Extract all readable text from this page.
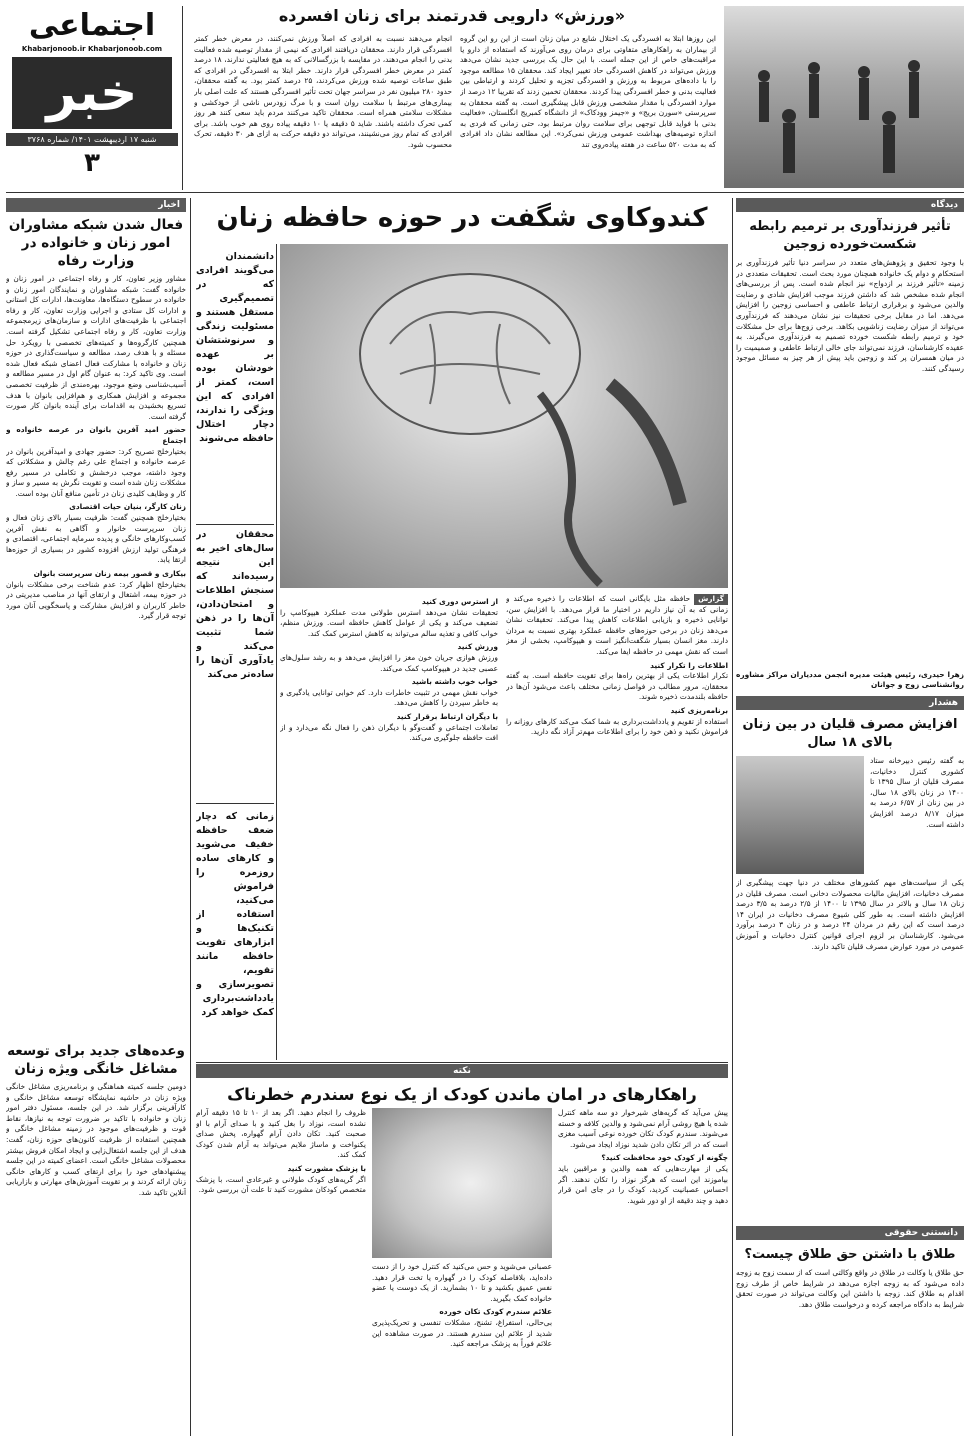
اجتماعی
Khabarjonoob.ir Khabarjonoob.com
خبر
شنبه ۱۷ اردیبهشت ۱۴۰۱/ شماره ۳۷۶۸
۳
«ورزش» دارویی قدرتمند برای زنان افسرده
انجام می‌دهند نسبت به افرادی که اصلاً ورزش نمی‌کنند، در معرض خطر کمتر افسردگی قرار دارند. محققان دریافتند افرادی که نیمی از مقدار توصیه شده فعالیت بدنی را انجام می‌دهند، در مقایسه با بزرگسالانی که به هیچ فعالیتی ندارند، ۱۸ درصد کمتر در معرض خطر افسردگی قرار دارند. خطر ابتلا به افسردگی در افرادی که طبق ساعات توصیه شده ورزش می‌کردند، ۲۵ درصد کمتر بود. به گفته محققان، حدود ۲۸۰ میلیون نفر در سراسر جهان تحت تأثیر افسردگی هستند که علت اصلی بار بیماری‌های مرتبط با سلامت روان است و با مرگ زودرس ناشی از خودکشی و مشکلات سلامتی همراه است. محققان تاکید می‌کنند مردم باید سعی کنند هر روز کمی تحرک داشته باشند. شاید ۵ دقیقه یا ۱۰ دقیقه پیاده روی هم خوب باشد. برای افرادی که تمام روز می‌نشینند، می‌تواند دو دقیقه حرکت به ازای هر ۳۰ دقیقه، تحرک محسوب شود.
این روزها ابتلا به افسردگی یک اختلال شایع در میان زنان است از این رو این گروه از بیماران به راهکارهای متفاوتی برای درمان روی می‌آورند که استفاده از دارو یا مراقبت‌های خاص از این جمله است. با این حال یک بررسی جدید نشان می‌دهد ورزش می‌تواند در کاهش افسردگی حاد تغییر ایجاد کند. محققان ۱۵ مطالعه موجود را با داده‌های مربوط به ورزش و افسردگی تجزیه و تحلیل کردند و ارتباطی بین فعالیت بدنی و خطر افسردگی پیدا کردند. محققان تخمین زدند که تقریبا ۱۲ درصد از موارد افسردگی با مقدار مشخصی ورزش قابل پیشگیری است. به گفته محققان به سرپرستی «سورن بریج» و «جیمز وودکاک» از دانشگاه کمبریج انگلستان، «فعالیت بدنی با فواید قابل توجهی برای سلامت روان مرتبط بود، حتی زمانی که فردی به اندازه توصیه‌های بهداشت عمومی ورزش نمی‌کرد». این مطالعه نشان داد افرادی که به مدت ۵۲۰ ساعت در هفته پیاده‌روی تند
اخبار
فعال شدن شبکه مشاوران امور زنان و خانواده در وزارت رفاه
مشاور وزیر تعاون، کار و رفاه اجتماعی در امور زنان و خانواده گفت: شبکه مشاوران و نمایندگان امور زنان و خانواده در سطوح دستگاه‌ها، معاونت‌ها، ادارات کل استانی و ادارات کل ستادی و اجرایی وزارت تعاون، کار و رفاه اجتماعی با ظرفیت‌های ادارات و سازمان‌های زیرمجموعه وزارت تعاون، کار و رفاه اجتماعی تشکیل گرفته است. همچنین کارگروه‌ها و کمیته‌های تخصصی با رویکرد حل مسئله و با هدف رصد، مطالعه و سیاست‌گذاری در حوزه زنان و خانواده با مشارکت فعال اعضای شبکه فعال شده است. وی تاکید کرد: به عنوان گام اول در مسیر مطالعه و آسیب‌شناسی وضع موجود، بهره‌مندی از ظرفیت تخصصی مجموعه و افزایش همکاری و هم‌افزایی بانوان با هدف تسریع بخشیدن به اقدامات برای آینده بانوان کار صورت گرفته است.
حضور امید آفرین بانوان در عرصه خانواده و اجتماع
بختیارخلج تصریح کرد: حضور جهادی و امیدآفرین بانوان در عرصه خانواده و اجتماع علی رغم چالش و مشکلاتی که وجود داشته، موجب درخشش و تکاملی در مسیر رفع مشکلات زنان شده است و تقویت نگرش به مسیر و ساز و کار و وظایف کلیدی زنان در تأمین منافع آنان بوده است.
زنان کارگر، بنیان حیات اقتصادی
بختیارخلج همچنین گفت: ظرفیت بسیار بالای زنان فعال و زنان سرپرست خانوار و آگاهی به نقش آفرین کسب‌وکارهای خانگی و پدیده سرمایه اجتماعی، اقتصادی و فرهنگی تولید ارزش افزوده کشور در بسیاری از حوزه‌ها ارتقا یابد.
بیکاری و قصور بیمه زنان سرپرست بانوان
بختیارخلج اظهار کرد: عدم شناخت برخی مشکلات بانوان در حوزه بیمه، اشتغال و ارتقای آنها در مناصب مدیریتی در خاطر کاربران و افزایش مشارکت و پاسخگویی آنان مورد توجه قرار گیرد.
وعده‌های جدید برای توسعه مشاغل خانگی ویژه زنان
دومین جلسه کمیته هماهنگی و برنامه‌ریزی مشاغل خانگی ویژه زنان در حاشیه نمایشگاه توسعه مشاغل خانگی و کارآفرینی برگزار شد. در این جلسه، مسئول دفتر امور زنان و خانواده با تاکید بر ضرورت توجه به نیازها، نقاط قوت و ظرفیت‌های موجود در زمینه مشاغل خانگی و همچنین استفاده از ظرفیت کانون‌های حوزه زنان، گفت: هدف از این جلسه اشتغال‌زایی و ایجاد امکان فروش بیشتر محصولات مشاغل خانگی است. اعضای کمیته در این جلسه پیشنهادهای خود را برای ارتقای کسب و کارهای خانگی زنان ارائه کردند و بر تقویت آموزش‌های مهارتی و بازاریابی آنلاین تاکید شد.
کندوکاوی شگفت در حوزه حافظه زنان
دانشمندان می‌گویند افرادی که در تصمیم‌گیری مستقل هستند و مسئولیت زندگی و سرنوشتشان بر عهده خودشان بوده است، کمتر از افرادی که این ویژگی را ندارند، دچار اختلال حافظه می‌شوند
محققان در سال‌های اخیر به این نتیجه رسیده‌اند که سنجش اطلاعات و امتحان‌دادن، آن‌ها را در ذهن شما تثبیت می‌کند و یادآوری آن‌ها را ساده‌تر می‌کند
زمانی که دچار ضعف حافظه خفیف می‌شوید و کارهای ساده روزمره را فراموش می‌کنید، استفاده از تکنیک‌ها و ابزارهای تقویت حافظه مانند تقویم، تصویرسازی و یادداشت‌برداری کمک خواهد کرد
از استرس دوری کنید
تحقیقات نشان می‌دهد استرس طولانی مدت عملکرد هیپوکامپ را تضعیف می‌کند و یکی از عوامل کاهش حافظه است. ورزش منظم، خواب کافی و تغذیه سالم می‌تواند به کاهش استرس کمک کند.
ورزش کنید
ورزش هوازی جریان خون مغز را افزایش می‌دهد و به رشد سلول‌های عصبی جدید در هیپوکامپ کمک می‌کند.
خواب خوب داشته باشید
خواب نقش مهمی در تثبیت خاطرات دارد. کم خوابی توانایی یادگیری و به خاطر سپردن را کاهش می‌دهد.
با دیگران ارتباط برقرار کنید
تعاملات اجتماعی و گفت‌وگو با دیگران ذهن را فعال نگه می‌دارد و از افت حافظه جلوگیری می‌کند.
گزارش
حافظه مثل بایگانی است که اطلاعات را ذخیره می‌کند و زمانی که به آن نیاز داریم در اختیار ما قرار می‌دهد. با افزایش سن، توانایی ذخیره و بازیابی اطلاعات کاهش پیدا می‌کند. تحقیقات نشان می‌دهد زنان در برخی حوزه‌های حافظه عملکرد بهتری نسبت به مردان دارند. مغز انسان بسیار شگفت‌انگیز است و هیپوکامپ، بخشی از مغز است که نقش مهمی در حافظه ایفا می‌کند.
اطلاعات را تکرار کنید
تکرار اطلاعات یکی از بهترین راه‌ها برای تقویت حافظه است. به گفته محققان، مرور مطالب در فواصل زمانی مختلف باعث می‌شود آن‌ها در حافظه بلندمدت ذخیره شوند.
برنامه‌ریزی کنید
استفاده از تقویم و یادداشت‌برداری به شما کمک می‌کند کارهای روزانه را فراموش نکنید و ذهن خود را برای اطلاعات مهم‌تر آزاد نگه دارید.
دیدگاه
تأثیر فرزندآوری بر ترمیم رابطه شکست‌خورده زوجین
با وجود تحقیق و پژوهش‌های متعدد در سراسر دنیا تأثیر فرزندآوری بر استحکام و دوام یک خانواده همچنان مورد بحث است. تحقیقات متعددی در زمینه «تأثیر فرزند بر ازدواج» نیز انجام شده است. پس از بررسی‌های انجام شده مشخص شد که داشتن فرزند موجب افزایش شادی و رضایت والدین می‌شود و برقراری ارتباط عاطفی و احساسی زوجین را افزایش می‌دهد. اما در مقابل برخی تحقیقات نیز نشان می‌دهند که فرزندآوری می‌تواند از میزان رضایت زناشویی بکاهد. برخی زوج‌ها برای حل مشکلات خود و ترمیم رابطه شکست خورده تصمیم به فرزندآوری می‌گیرند. به عقیده کارشناسان، فرزند نمی‌تواند جای خالی ارتباط عاطفی و صمیمیت را در میان همسران پر کند و زوجین باید پیش از هر چیز به مسائل موجود رسیدگی کنند.
زهرا حیدری، رئیس هیئت مدیره انجمن مددیاران مراکز مشاوره روانشناسی زوج و جوانان
هشدار
افزایش مصرف قلیان در بین زنان بالای ۱۸ سال
به گفته رئیس دبیرخانه ستاد کشوری کنترل دخانیات، مصرف قلیان از سال ۱۳۹۵ تا ۱۴۰۰ در زنان بالای ۱۸ سال، در بین زنان از ۶/۵۷ درصد به میزان ۸/۱۷ درصد افزایش داشته است.
یکی از سیاست‌های مهم کشورهای مختلف در دنیا جهت پیشگیری از مصرف دخانیات، افزایش مالیات محصولات دخانی است. مصرف قلیان در زنان ۱۸ سال و بالاتر در سال ۱۳۹۵ تا ۱۴۰۰ از ۲/۵ درصد به ۳/۵ درصد افزایش داشته است. به طور کلی شیوع مصرف دخانیات در ایران ۱۴ درصد است که این رقم در مردان ۲۴ درصد و در زنان ۳ درصد برآورد می‌شود. کارشناسان بر لزوم اجرای قوانین کنترل دخانیات و آموزش عمومی در مورد عوارض مصرف قلیان تاکید دارند.
دانستنی حقوقی
طلاق با داشتن حق طلاق چیست؟
حق طلاق یا وکالت در طلاق در واقع وکالتی است که از سمت زوج به زوجه داده می‌شود که به زوجه اجازه می‌دهد در شرایط خاص از طرف زوج اقدام به طلاق کند. زوجه با داشتن این وکالت می‌تواند در صورت تحقق شرایط به دادگاه مراجعه کرده و درخواست طلاق دهد.
نکته
راهکارهای در امان ماندن کودک از یک نوع سندرم خطرناک
پیش می‌آید که گریه‌های شیرخوار دو سه ماهه کنترل شده یا هیچ روشی آرام نمی‌شود و والدین کلافه و خسته می‌شوند. سندرم کودک تکان خورده نوعی آسیب مغزی است که در اثر تکان دادن شدید نوزاد ایجاد می‌شود.
چگونه از کودک خود محافظت کنید؟
یکی از مهارت‌هایی که همه والدین و مراقبین باید بیاموزند این است که هرگز نوزاد را تکان ندهند. اگر احساس عصبانیت کردید، کودک را در جای امن قرار دهید و چند دقیقه از او دور شوید.
عصبانی می‌شوید و حس می‌کنید که کنترل خود را از دست داده‌اید، بلافاصله کودک را در گهواره یا تخت قرار دهید. نفس عمیق بکشید و تا ۱۰ بشمارید. از یک دوست یا عضو خانواده کمک بگیرید.
علائم سندرم کودک تکان خورده
بی‌حالی، استفراغ، تشنج، مشکلات تنفسی و تحریک‌پذیری شدید از علائم این سندرم هستند. در صورت مشاهده این علائم فوراً به پزشک مراجعه کنید.
ظروف را انجام دهید. اگر بعد از ۱۰ تا ۱۵ دقیقه آرام نشده است، نوزاد را بغل کنید و با صدای آرام با او صحبت کنید. تکان دادن آرام گهواره، پخش صدای یکنواخت و ماساژ ملایم می‌تواند به آرام شدن کودک کمک کند.
با پزشک مشورت کنید
اگر گریه‌های کودک طولانی و غیرعادی است، با پزشک متخصص کودکان مشورت کنید تا علت آن بررسی شود.
